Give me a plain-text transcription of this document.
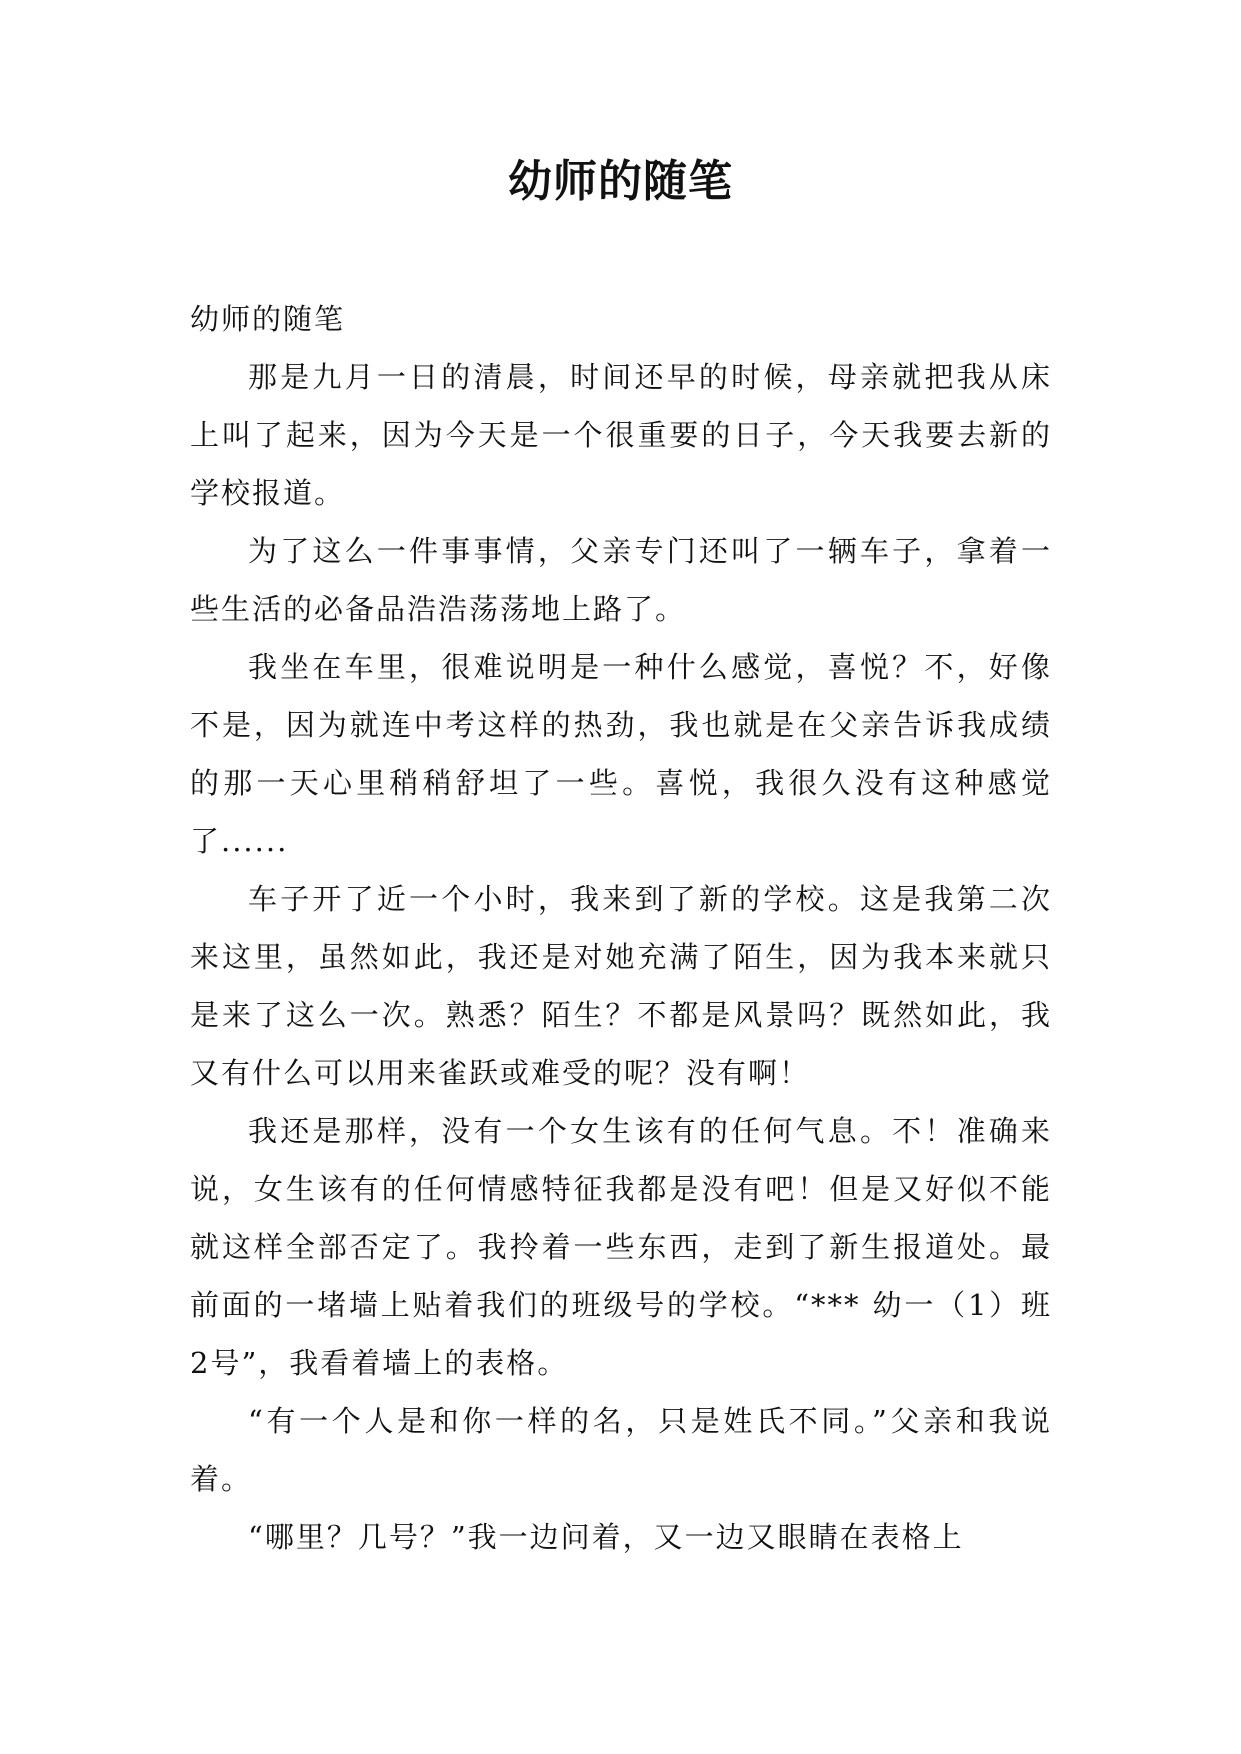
幼师的随笔

幼师的随笔

那是九月一日的清晨，时间还早的时候，母亲就把我从床上叫了起来，因为今天是一个很重要的日子，今天我要去新的学校报道。

为了这么一件事事情，父亲专门还叫了一辆车子，拿着一些生活的必备品浩浩荡荡地上路了。

我坐在车里，很难说明是一种什么感觉，喜悦？不，好像不是，因为就连中考这样的热劲，我也就是在父亲告诉我成绩的那一天心里稍稍舒坦了一些。喜悦，我很久没有这种感觉了......

车子开了近一个小时，我来到了新的学校。这是我第二次来这里，虽然如此，我还是对她充满了陌生，因为我本来就只是来了这么一次。熟悉？陌生？不都是风景吗？既然如此，我又有什么可以用来雀跃或难受的呢？没有啊！

我还是那样，没有一个女生该有的任何气息。不！准确来说，女生该有的任何情感特征我都是没有吧！但是又好似不能就这样全部否定了。我拎着一些东西，走到了新生报道处。最前面的一堵墙上贴着我们的班级号的学校。“*** 幼一（1）班 2号”，我看着墙上的表格。

“有一个人是和你一样的名，只是姓氏不同。”父亲和我说着。

“哪里？几号？”我一边问着，又一边又眼睛在表格上
